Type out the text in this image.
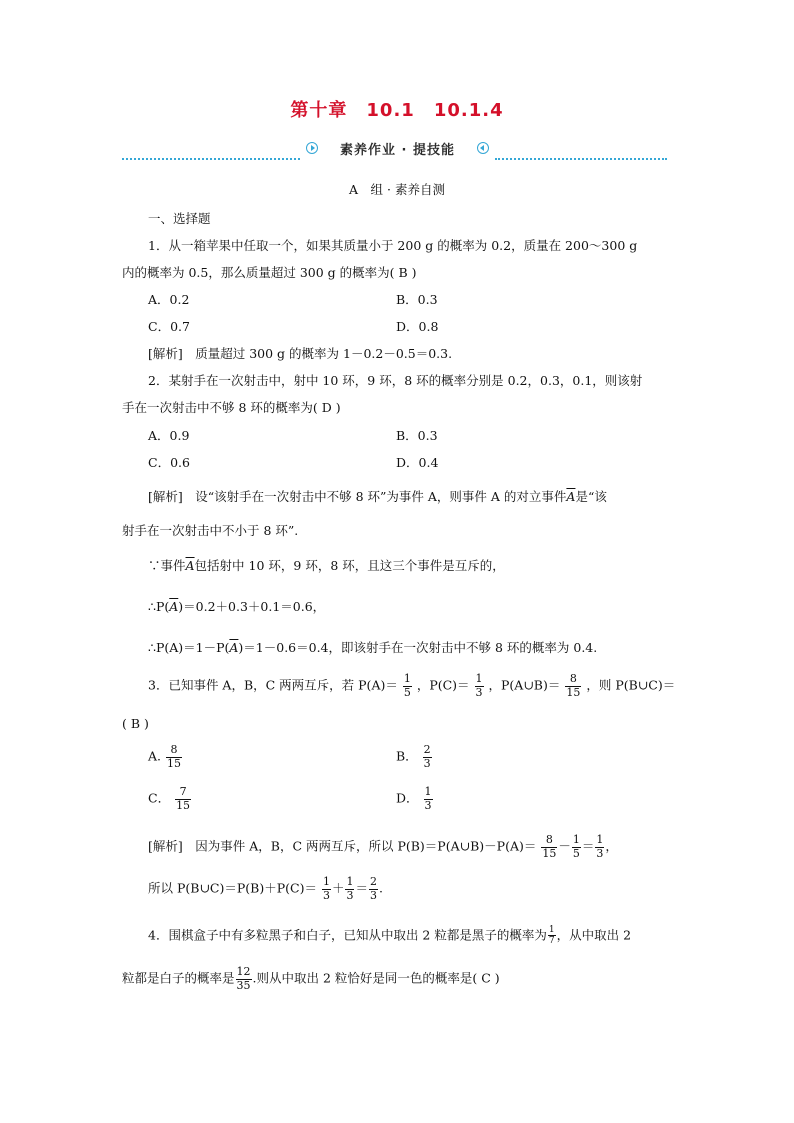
第十章　10.1　10.1.4
素养作业 · 提技能
A　组 · 素养自测
一、选择题
1．从一箱苹果中任取一个，如果其质量小于 200 g 的概率为 0.2，质量在 200～300 g
内的概率为 0.5，那么质量超过 300 g 的概率为( B )
A．0.2	B．0.3
C．0.7	D．0.8
[解析]　质量超过 300 g 的概率为 1－0.2－0.5＝0.3.
2．某射手在一次射击中，射中 10 环，9 环，8 环的概率分别是 0.2，0.3，0.1，则该射
手在一次射击中不够 8 环的概率为( D )
A．0.9	B．0.3
C．0.6	D．0.4
[解析]　设“该射手在一次射击中不够 8 环”为事件 A，则事件 A 的对立事件$\overline{A}$是“该
射手在一次射击中不小于 8 环”.
∵事件$\overline{A}$包括射中 10 环，9 环，8 环，且这三个事件是互斥的，
$\therefore P(\overline{A})=0.2+0.3+0.1=0.6$，
$\therefore P(A)=1-P(\overline{A})=1-0.6=0.4$，即该射手在一次射击中不够 8 环的概率为 0.4.
3．已知事件 A，B，C 两两互斥，若 $P(A)= \frac{1}{5}$ ，$P(C)= \frac{1}{3}$ ，P(A∪B)＝ $\frac{8}{15}$ ，则 P(B∪C)＝
( B )
A. $\frac{8}{15}$	B． $\frac{2}{3}$
C． $\frac{7}{15}$	D． $\frac{1}{3}$
[解析]　因为事件 A，B，C 两两互斥，所以 P(B)＝P(A∪B)－P(A)＝ $\frac{8}{15} - \frac{1}{5} = \frac{1}{3}$ ，
所以 P(B∪C)＝P(B)＋P(C)＝ $\frac{1}{3} + \frac{1}{3} = \frac{2}{3}$ .
4．围棋盒子中有多粒黑子和白子，已知从中取出 2 粒都是黑子的概率为 $\frac{1}{7}$ ，从中取出 2
粒都是白子的概率是 $\frac{12}{35}$ .则从中取出 2 粒恰好是同一色的概率是( C )
